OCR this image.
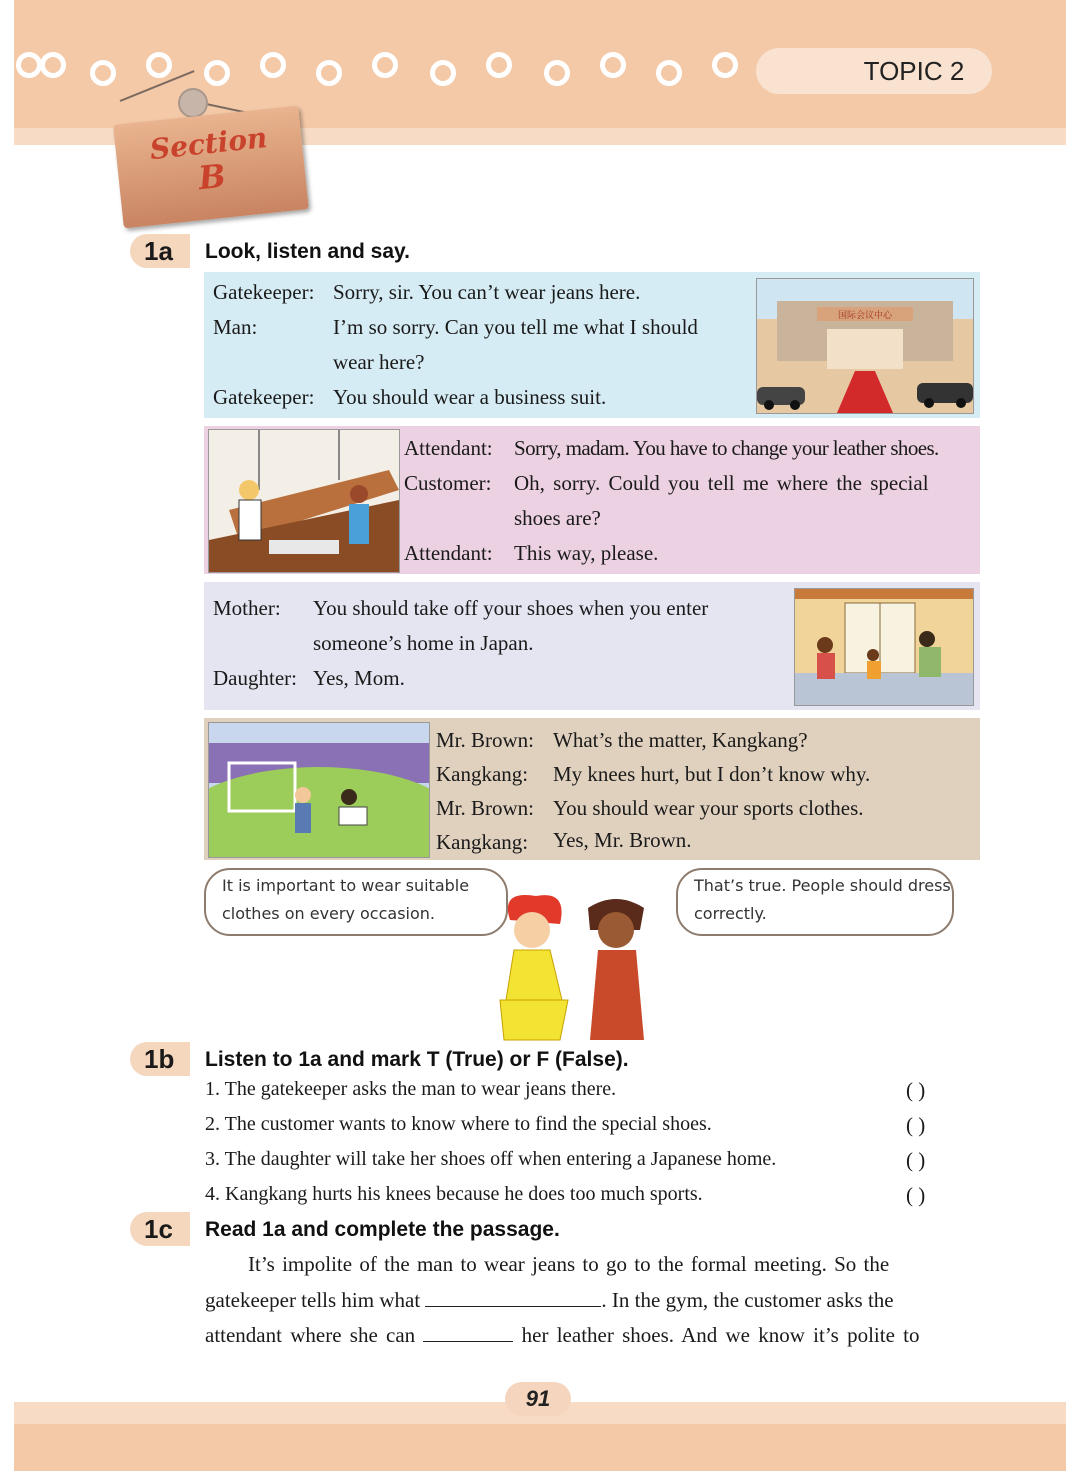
TOPIC 2
Section
B
1a	Look, listen and say.
Gatekeeper: Sorry, sir. You can’t wear jeans here.
Man:	I’m so sorry. Can you tell me what I should
wear here?
Gatekeeper: You should wear a business suit.
国际会议中心
Attendant: Sorry, madam. You have to change your leather shoes.
Customer: Oh, sorry. Could you tell me where the special
shoes are?
Attendant: This way, please.
Mother: You should take off your shoes when you enter
someone’s home in Japan.
Daughter: Yes, Mom.
Mr. Brown: What’s the matter, Kangkang?
Kangkang: My knees hurt, but I don’t know why.
Mr. Brown: You should wear your sports clothes.
Kangkang: Yes, Mr. Brown.
It is important to wear suitable
clothes on every occasion.
That’s true. People should dress
correctly.
1b	Listen to 1a and mark T (True) or F (False).
1. The gatekeeper asks the man to wear jeans there.	( )
2. The customer wants to know where to find the special shoes.	( )
3. The daughter will take her shoes off when entering a Japanese home.	( )
4. Kangkang hurts his knees because he does too much sports.	( )
1c	Read 1a and complete the passage.
It’s impolite of the man to wear jeans to go to the formal meeting. So the
gatekeeper tells him what	. In the gym, the customer asks the
attendant where she can	her leather shoes. And we know it’s polite to
91
